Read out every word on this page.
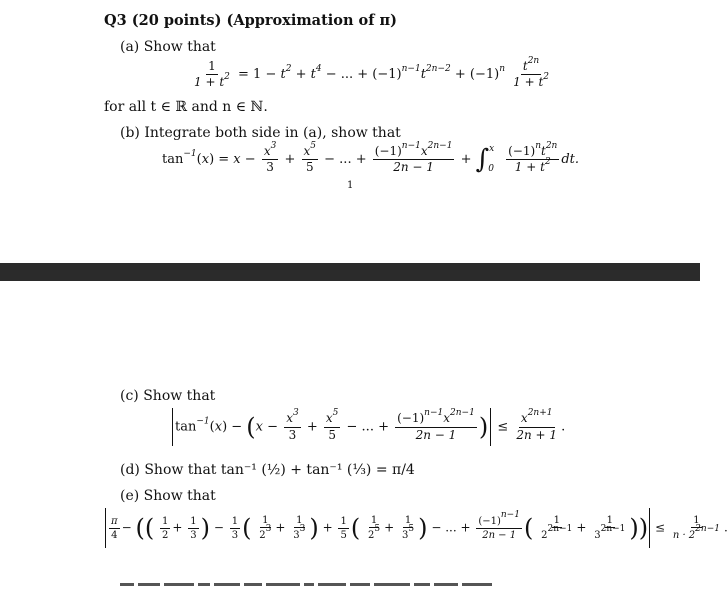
Q3 (20 points) (Approximation of π)
(a) Show that
$\frac{1}{1 + t^2} = 1 - t^2 + t^4$ − ... + $(-1)^{n-1}t^{2n-2} + (-1)^n \frac{t^{2n}}{1 + t^2}$
for all t ∈ ℝ and n ∈ ℕ.
(b) Integrate both side in (a), show that
$\tan^{-1}(x) = x - \frac{x^3}{3} + \frac{x^5}{5}$ − ... + $\frac{(-1)^{n-1}x^{2n-1}}{2n - 1} + \int^x_0 \frac{(-1)^nt^{2n}}{1 + t^2}$ dt.
1
(c) Show that
$\tan^{-1}(x) - (x - \frac{x^3}{3} + \frac{x^5}{5}$ − ... + $\frac{(-1)^{n-1}x^{2n-1}}{2n - 1}$ ) ≤ $\frac{x^{2n+1}}{2n + 1}$ .
(d) Show that tan⁻¹ (½) + tan⁻¹ (⅓) = π/4
(e) Show that
$\frac{\pi}{4}$ − (( $\frac{1}{2} + \frac{1}{3}$ ) − $\frac{1}{3}$ ( $\frac{1}{2^3} + \frac{1}{3^3}$ ) + $\frac{1}{5}$ ( $\frac{1}{2^5} + \frac{1}{3^5}$ ) − ... + $\frac{(-1)^{n-1}}{2n - 1}$ ( $\frac{1}{2^{2n-1}} + \frac{1}{3^{2n-1}}$ )) ≤ $\frac{1}{n \cdot 2^{2n-1}}$ .
